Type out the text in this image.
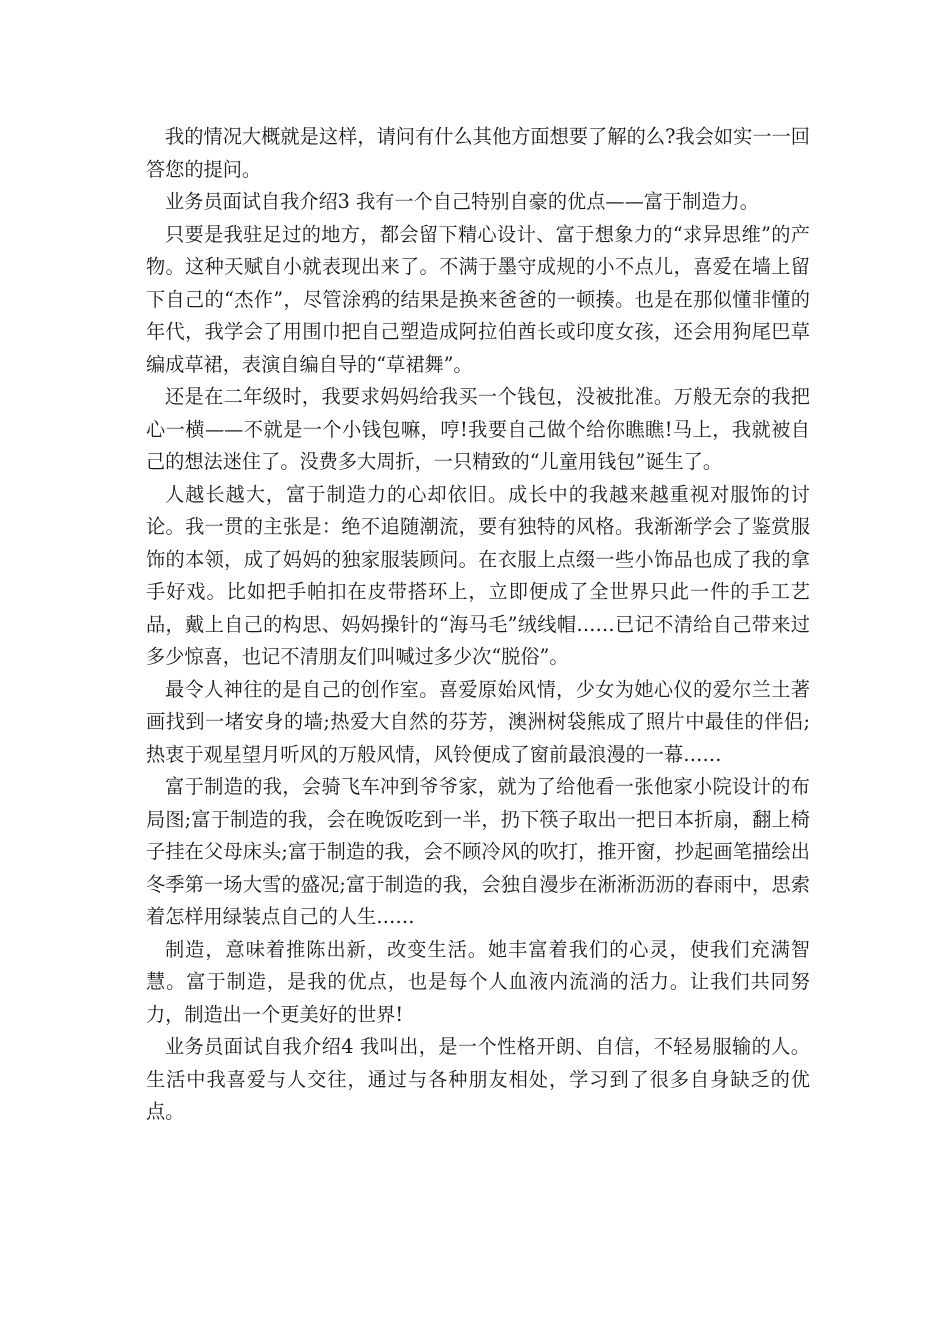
我的情况大概就是这样，请问有什么其他方面想要了解的么?我会如实一一回答您的提问。

业务员面试自我介绍3 我有一个自己特别自豪的优点——富于制造力。

只要是我驻足过的地方，都会留下精心设计、富于想象力的“求异思维”的产物。这种天赋自小就表现出来了。不满于墨守成规的小不点儿，喜爱在墙上留下自己的“杰作”，尽管涂鸦的结果是换来爸爸的一顿揍。也是在那似懂非懂的年代，我学会了用围巾把自己塑造成阿拉伯酋长或印度女孩，还会用狗尾巴草编成草裙，表演自编自导的“草裙舞”。

还是在二年级时，我要求妈妈给我买一个钱包，没被批准。万般无奈的我把心一横——不就是一个小钱包嘛，哼!我要自己做个给你瞧瞧!马上，我就被自己的想法迷住了。没费多大周折，一只精致的“儿童用钱包”诞生了。

人越长越大，富于制造力的心却依旧。成长中的我越来越重视对服饰的讨论。我一贯的主张是：绝不追随潮流，要有独特的风格。我渐渐学会了鉴赏服饰的本领，成了妈妈的独家服装顾问。在衣服上点缀一些小饰品也成了我的拿手好戏。比如把手帕扣在皮带搭环上，立即便成了全世界只此一件的手工艺品，戴上自己的构思、妈妈操针的“海马毛”绒线帽……已记不清给自己带来过多少惊喜，也记不清朋友们叫喊过多少次“脱俗”。

最令人神往的是自己的创作室。喜爱原始风情，少女为她心仪的爱尔兰土著画找到一堵安身的墙;热爱大自然的芬芳，澳洲树袋熊成了照片中最佳的伴侣;热衷于观星望月听风的万般风情，风铃便成了窗前最浪漫的一幕……

富于制造的我，会骑飞车冲到爷爷家，就为了给他看一张他家小院设计的布局图;富于制造的我，会在晚饭吃到一半，扔下筷子取出一把日本折扇，翻上椅子挂在父母床头;富于制造的我，会不顾冷风的吹打，推开窗，抄起画笔描绘出冬季第一场大雪的盛况;富于制造的我，会独自漫步在淅淅沥沥的春雨中，思索着怎样用绿装点自己的人生……

制造，意味着推陈出新，改变生活。她丰富着我们的心灵，使我们充满智慧。富于制造，是我的优点，也是每个人血液内流淌的活力。让我们共同努力，制造出一个更美好的世界!

业务员面试自我介绍4 我叫出，是一个性格开朗、自信，不轻易服输的人。生活中我喜爱与人交往，通过与各种朋友相处，学习到了很多自身缺乏的优点。
